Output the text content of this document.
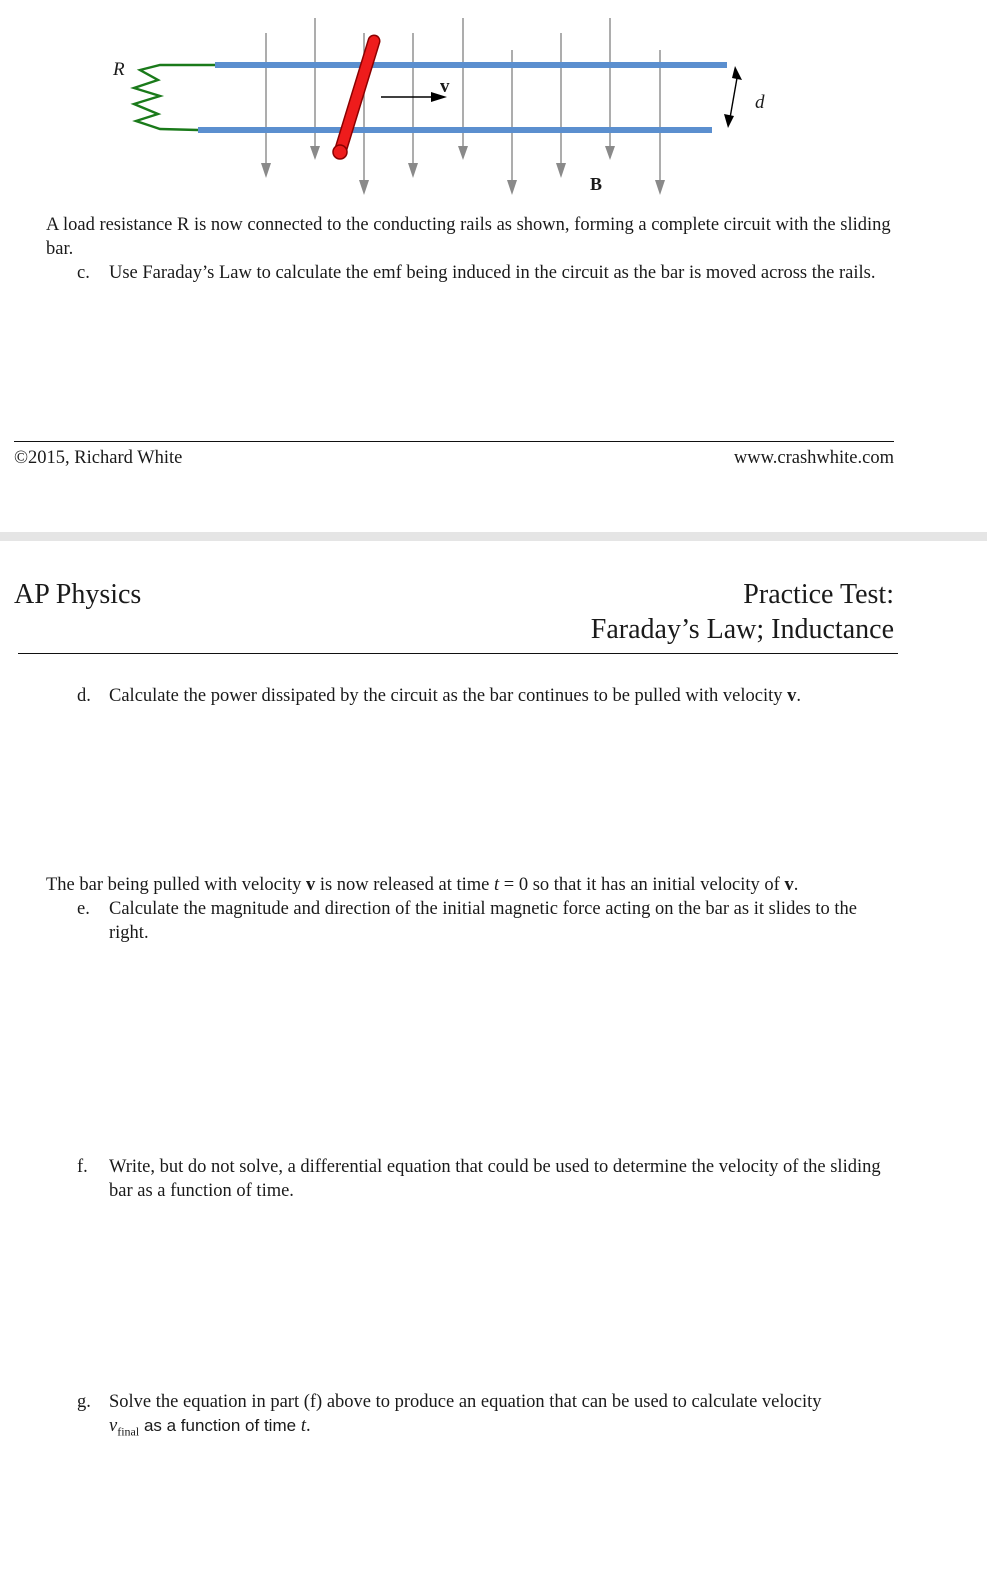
R
v
d
B
A load resistance R is now connected to the conducting rails as shown, forming a complete circuit with the sliding bar.
c. Use Faraday’s Law to calculate the emf being induced in the circuit as the bar is moved across the rails.
©2015, Richard White	www.crashwhite.com
AP Physics	Practice Test:
Faraday’s Law; Inductance
d. Calculate the power dissipated by the circuit as the bar continues to be pulled with velocity v.
The bar being pulled with velocity v is now released at time t = 0 so that it has an initial velocity of v.
e. Calculate the magnitude and direction of the initial magnetic force acting on the bar as it slides to the right.
f. Write, but do not solve, a differential equation that could be used to determine the velocity of the sliding bar as a function of time.
g. Solve the equation in part (f) above to produce an equation that can be used to calculate velocity
$v_{final}$ as a function of time t.
